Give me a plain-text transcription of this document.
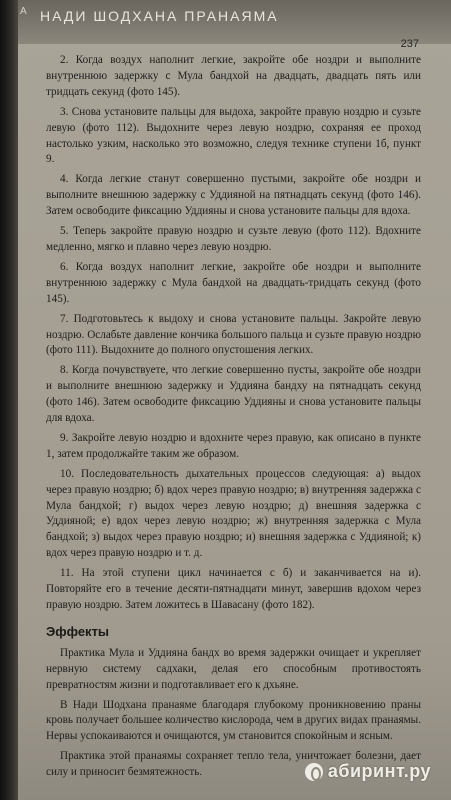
А НАДИ ШОДХАНА ПРАНАЯМА
237

2. Когда воздух наполнит легкие, закройте обе ноздри и выполните внутреннюю задержку с Мула бандхой на двадцать, двадцать пять или тридцать секунд (фото 145).

3. Снова установите пальцы для выдоха, закройте правую ноздрю и сузьте левую (фото 112). Выдохните через левую ноздрю, сохраняя ее проход настолько узким, насколько это возможно, следуя технике ступени 1б, пункт 9.

4. Когда легкие станут совершенно пустыми, закройте обе ноздри и выполните внешнюю задержку с Уддияной на пятнадцать секунд (фото 146). Затем освободите фиксацию Уддияны и снова установите пальцы для вдоха.

5. Теперь закройте правую ноздрю и сузьте левую (фото 112). Вдохните медленно, мягко и плавно через левую ноздрю.

6. Когда воздух наполнит легкие, закройте обе ноздри и выполните внутреннюю задержку с Мула бандхой на двадцать-тридцать секунд (фото 145).

7. Подготовьтесь к выдоху и снова установите пальцы. Закройте левую ноздрю. Ослабьте давление кончика большого пальца и сузьте правую ноздрю (фото 111). Выдохните до полного опустошения легких.

8. Когда почувствуете, что легкие совершенно пусты, закройте обе ноздри и выполните внешнюю задержку и Уддияна бандху на пятнадцать секунд (фото 146). Затем освободите фиксацию Уддияны и снова установите пальцы для вдоха.

9. Закройте левую ноздрю и вдохните через правую, как описано в пункте 1, затем продолжайте таким же образом.

10. Последовательность дыхательных процессов следующая: а) выдох через правую ноздрю; б) вдох через правую ноздрю; в) внутренняя задержка с Мула бандхой; г) выдох через левую ноздрю; д) внешняя задержка с Уддияной; е) вдох через левую ноздрю; ж) внутренняя задержка с Мула бандхой; з) выдох через правую ноздрю; и) внешняя задержка с Уддияной; к) вдох через правую ноздрю и т. д.

11. На этой ступени цикл начинается с б) и заканчивается на и). Повторяйте его в течение десяти-пятнадцати минут, завершив вдохом через правую ноздрю. Затем ложитесь в Шавасану (фото 182).

Эффекты

Практика Мула и Уддияна бандх во время задержки очищает и укрепляет нервную систему садхаки, делая его способным противостоять превратностям жизни и подготавливает его к дхьяне.

В Нади Шодхана пранаяме благодаря глубокому проникновению праны кровь получает большее количество кислорода, чем в других видах пранаямы. Нервы успокаиваются и очищаются, ум становится спокойным и ясным.

Практика этой пранаямы сохраняет тепло тела, уничтожает болезни, дает силу и приносит безмятежность.	абиринт.ру
